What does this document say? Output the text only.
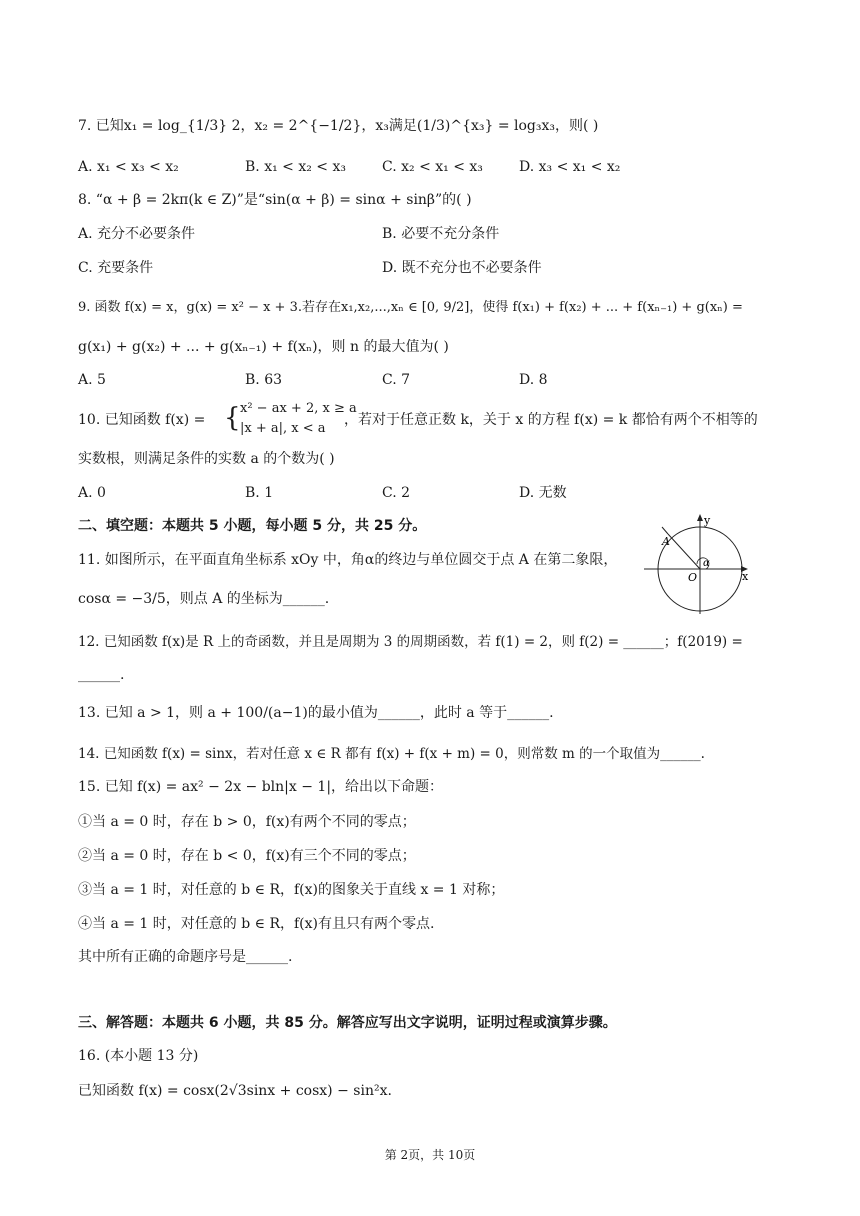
7. 已知x₁ = log_{1/3} 2，x₂ = 2^{−1/2}，x₃满足(1/3)^{x₃} = log₃x₃，则( )
A. x₁ < x₃ < x₂	B. x₁ < x₂ < x₃	C. x₂ < x₁ < x₃	D. x₃ < x₁ < x₂
8. “α + β = 2kπ(k ∈ Z)”是“sin(α + β) = sinα + sinβ”的( )
A. 充分不必要条件	B. 必要不充分条件
C. 充要条件	D. 既不充分也不必要条件
9. 函数 f(x) = x，g(x) = x² − x + 3.若存在x₁,x₂,...,xₙ ∈ [0, 9/2]，使得 f(x₁) + f(x₂) + ... + f(xₙ₋₁) + g(xₙ) =
g(x₁) + g(x₂) + ... + g(xₙ₋₁) + f(xₙ)，则 n 的最大值为( )
A. 5	B. 63	C. 7	D. 8
10. 已知函数 f(x) = { x² − ax + 2, x ≥ a
|x + a|, x < a
，若对于任意正数 k，关于 x 的方程 f(x) = k 都恰有两个不相等的
实数根，则满足条件的实数 a 的个数为( )
A. 0	B. 1	C. 2	D. 无数
二、填空题：本题共 5 小题，每小题 5 分，共 25 分。
11. 如图所示，在平面直角坐标系 xOy 中，角α的终边与单位圆交于点 A 在第二象限，
cosα = −3/5，则点 A 的坐标为______.
A
y
x
O
α
12. 已知函数 f(x)是 R 上的奇函数，并且是周期为 3 的周期函数，若 f(1) = 2，则 f(2) = ______；f(2019) =
______.
13. 已知 a > 1，则 a + 100/(a−1)的最小值为______，此时 a 等于______.
14. 已知函数 f(x) = sinx，若对任意 x ∈ R 都有 f(x) + f(x + m) = 0，则常数 m 的一个取值为______.
15. 已知 f(x) = ax² − 2x − bln|x − 1|，给出以下命题：
①当 a = 0 时，存在 b > 0，f(x)有两个不同的零点；
②当 a = 0 时，存在 b < 0，f(x)有三个不同的零点；
③当 a = 1 时，对任意的 b ∈ R，f(x)的图象关于直线 x = 1 对称；
④当 a = 1 时，对任意的 b ∈ R，f(x)有且只有两个零点.
其中所有正确的命题序号是______.
三、解答题：本题共 6 小题，共 85 分。解答应写出文字说明，证明过程或演算步骤。
16. (本小题 13 分)
已知函数 f(x) = cosx(2√3sinx + cosx) − sin²x.
第 2页，共 10页
